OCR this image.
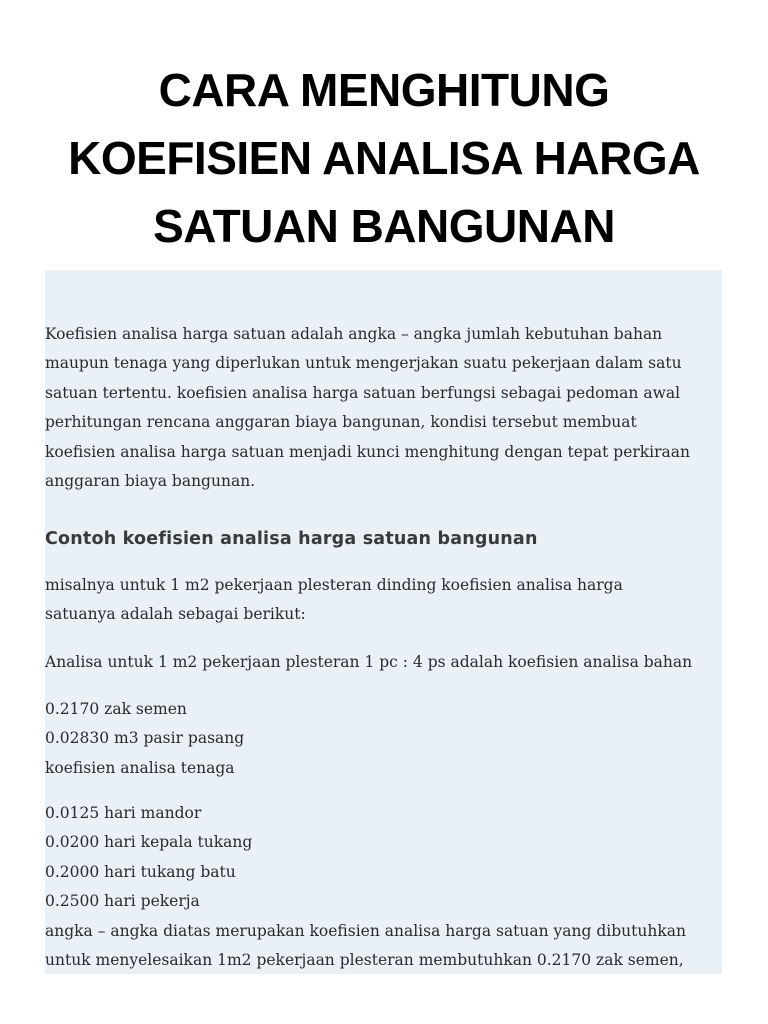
CARA MENGHITUNG
KOEFISIEN ANALISA HARGA
SATUAN BANGUNAN

Koefisien analisa harga satuan adalah angka – angka jumlah kebutuhan bahan
maupun tenaga yang diperlukan untuk mengerjakan suatu pekerjaan dalam satu
satuan tertentu. koefisien analisa harga satuan berfungsi sebagai pedoman awal
perhitungan rencana anggaran biaya bangunan, kondisi tersebut membuat
koefisien analisa harga satuan menjadi kunci menghitung dengan tepat perkiraan
anggaran biaya bangunan.

Contoh koefisien analisa harga satuan bangunan

misalnya untuk 1 m2 pekerjaan plesteran dinding koefisien analisa harga
satuanya adalah sebagai berikut:

Analisa untuk 1 m2 pekerjaan plesteran 1 pc : 4 ps adalah koefisien analisa bahan

0.2170 zak semen
0.02830 m3 pasir pasang
koefisien analisa tenaga

0.0125 hari mandor
0.0200 hari kepala tukang
0.2000 hari tukang batu
0.2500 hari pekerja
angka – angka diatas merupakan koefisien analisa harga satuan yang dibutuhkan
untuk menyelesaikan 1m2 pekerjaan plesteran membutuhkan 0.2170 zak semen,
